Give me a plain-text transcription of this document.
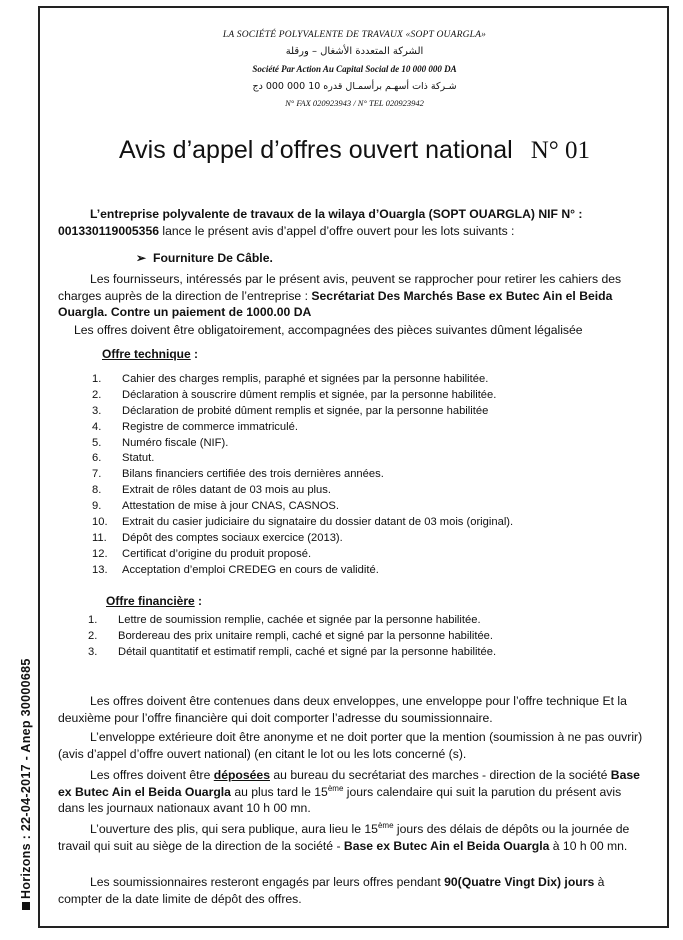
Horizons : 22-04-2017 - Anep 30000685
LA SOCIÉTÉ POLYVALENTE DE TRAVAUX «SOPT OUARGLA»
الشركة المتعددة الأشغال – ورقلة
Société Par Action Au Capital Social de 10 000 000 DA
شـركة ذات أسهـم برأسمـال قدره 10 000 000 دج
N° FAX 020923943 / N° TEL 020923942
Avis d’appel d’offres ouvert national N° 01
L’entreprise polyvalente de travaux de la wilaya d’Ouargla (SOPT OUARGLA) NIF N° : 001330119005356 lance le présent avis d’appel d’offre ouvert pour les lots suivants :
➢ Fourniture De Câble.
Les fournisseurs, intéressés par le présent avis, peuvent se rapprocher pour retirer les cahiers des charges auprès de la direction de l’entreprise : Secrétariat Des Marchés Base ex Butec Ain el Beida Ouargla. Contre un paiement de 1000.00 DA
Les offres doivent être obligatoirement, accompagnées des pièces suivantes dûment légalisée
Offre technique :
1.	Cahier des charges remplis, paraphé et signées par la personne habilitée.
2.	Déclaration à souscrire dûment remplis et signée, par la personne habilitée.
3.	Déclaration de probité dûment remplis et signée, par la personne habilitée
4.	Registre de commerce immatriculé.
5.	Numéro fiscale (NIF).
6.	Statut.
7.	Bilans financiers certifiée des trois dernières années.
8.	Extrait de rôles datant de 03 mois au plus.
9.	Attestation de mise à jour CNAS, CASNOS.
10.	Extrait du casier judiciaire du signataire du dossier datant de 03 mois (original).
11.	Dépôt des comptes sociaux exercice (2013).
12.	Certificat d’origine du produit proposé.
13.	Acceptation d’emploi CREDEG en cours de validité.
Offre financière :
1.	Lettre de soumission remplie, cachée et signée par la personne habilitée.
2.	Bordereau des prix unitaire rempli, caché et signé par la personne habilitée.
3.	Détail quantitatif et estimatif rempli, caché et signé par la personne habilitée.
Les offres doivent être contenues dans deux enveloppes, une enveloppe pour l’offre technique Et la deuxième pour l’offre financière qui doit comporter l’adresse du soumissionnaire.
L’enveloppe extérieure doit être anonyme et ne doit porter que la mention (soumission à ne pas ouvrir) (avis d’appel d’offre ouvert national) (en citant le lot ou les lots concerné (s).
Les offres doivent être déposées au bureau du secrétariat des marches - direction de la société Base ex Butec Ain el Beida Ouargla au plus tard le 15ème jours calendaire qui suit la parution du présent avis dans les journaux nationaux avant 10 h 00 mn.
L’ouverture des plis, qui sera publique, aura lieu le 15ème jours des délais de dépôts ou la journée de travail qui suit au siège de la direction de la société - Base ex Butec Ain el Beida Ouargla à 10 h 00 mn.
Les soumissionnaires resteront engagés par leurs offres pendant 90(Quatre Vingt Dix) jours à compter de la date limite de dépôt des offres.
